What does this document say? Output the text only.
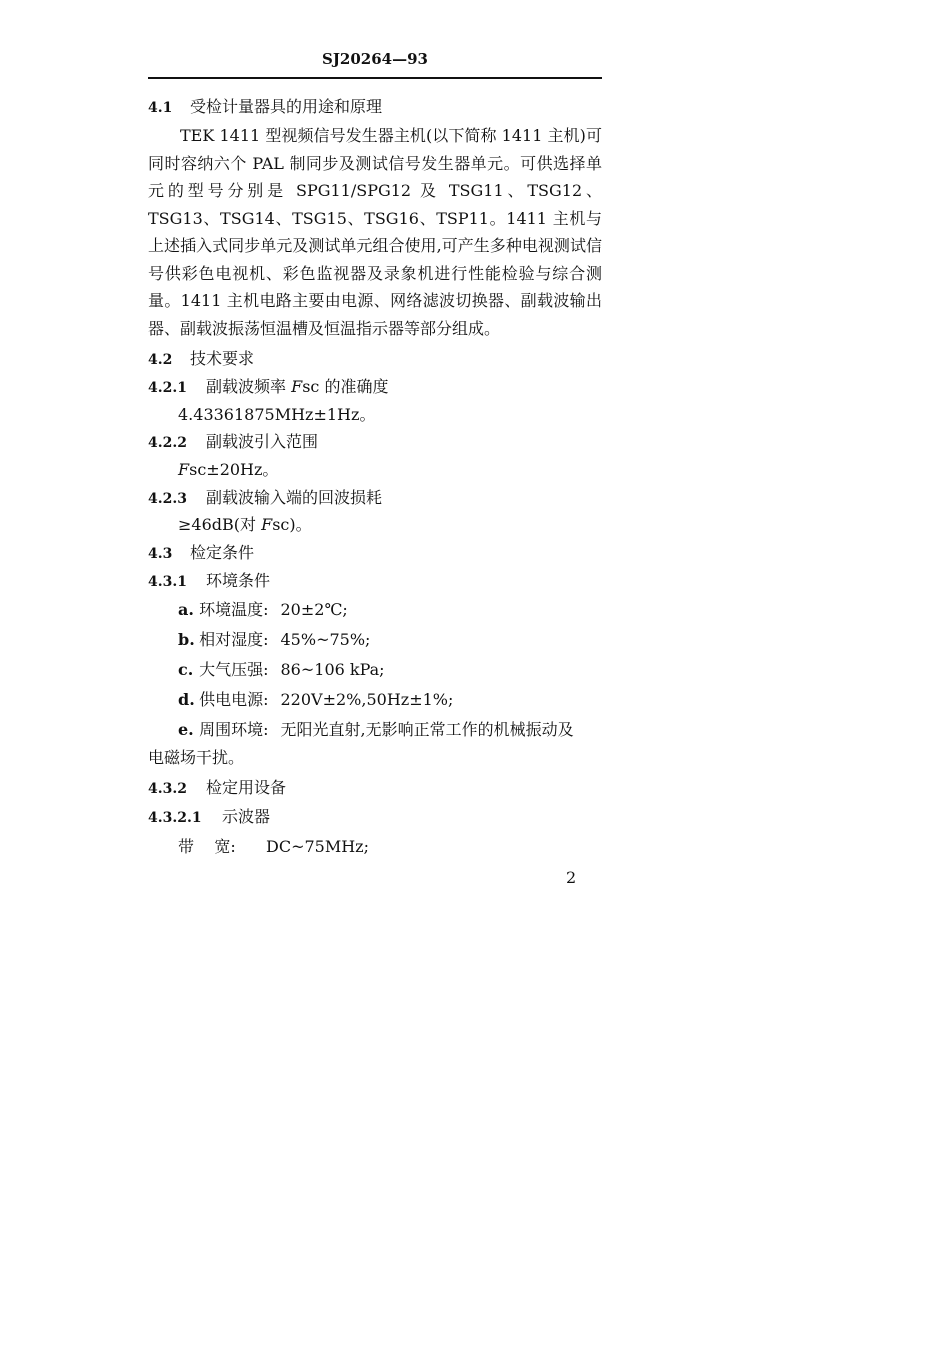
SJ20264—93
4.1 受检计量器具的用途和原理
TEK 1411 型视频信号发生器主机(以下简称 1411 主机)可同时容纳六个 PAL 制同步及测试信号发生器单元。可供选择单元的型号分别是 SPG11/SPG12 及 TSG11、TSG12、TSG13、TSG14、TSG15、TSG16、TSP11。1411 主机与上述插入式同步单元及测试单元组合使用,可产生多种电视测试信号供彩色电视机、彩色监视器及录象机进行性能检验与综合测量。1411 主机电路主要由电源、网络滤波切换器、副载波输出器、副载波振荡恒温槽及恒温指示器等部分组成。
4.2 技术要求
4.2.1 副载波频率 Fsc 的准确度
4.43361875MHz±1Hz。
4.2.2 副载波引入范围
Fsc±20Hz。
4.2.3 副载波输入端的回波损耗
≥46dB(对 Fsc)。
4.3 检定条件
4.3.1 环境条件
a. 环境温度: 20±2℃;
b. 相对湿度: 45%~75%;
c. 大气压强: 86~106 kPa;
d. 供电电源: 220V±2%,50Hz±1%;
e. 周围环境: 无阳光直射,无影响正常工作的机械振动及
电磁场干扰。
4.3.2 检定用设备
4.3.2.1 示波器
带    宽: DC~75MHz;
2
